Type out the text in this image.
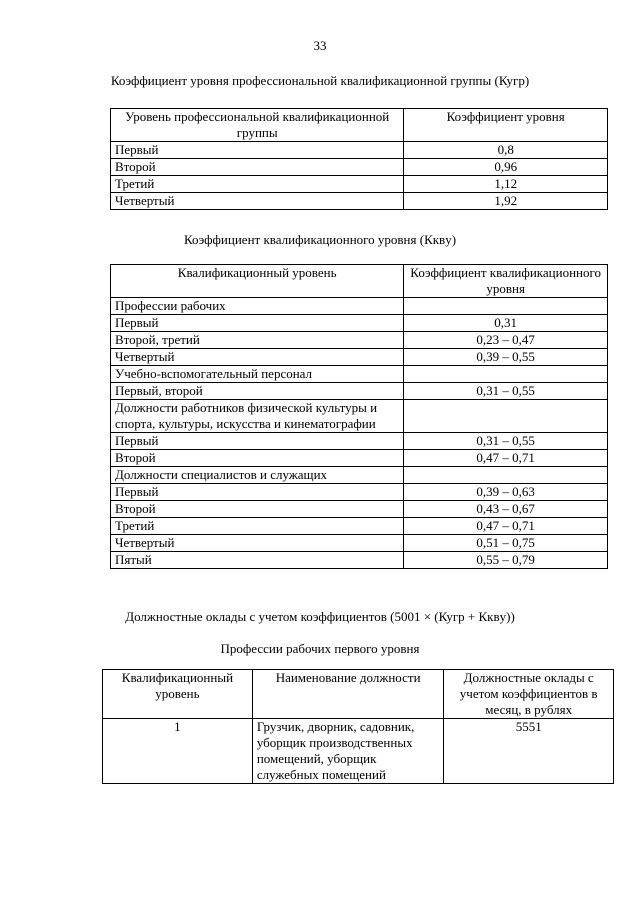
33
Коэффициент уровня профессиональной квалификационной группы (Кугр)
Уровень профессиональной квалификационной группы	Коэффициент уровня
Первый	0,8
Второй	0,96
Третий	1,12
Четвертый	1,92
Коэффициент квалификационного уровня (Кквy)
Квалификационный уровень	Коэффициент квалификационного уровня
Профессии рабочих	
Первый	0,31
Второй, третий	0,23 – 0,47
Четвертый	0,39 – 0,55
Учебно-вспомогательный персонал	
Первый, второй	0,31 – 0,55
Должности работников физической культуры и спорта, культуры, искусства и кинематографии	
Первый	0,31 – 0,55
Второй	0,47 – 0,71
Должности специалистов и служащих	
Первый	0,39 – 0,63
Второй	0,43 – 0,67
Третий	0,47 – 0,71
Четвертый	0,51 – 0,75
Пятый	0,55 – 0,79
Должностные оклады с учетом коэффициентов (5001 × (Кугр + Кквy))
Профессии рабочих первого уровня
Квалификационный уровень	Наименование должности	Должностные оклады с учетом коэффициентов в месяц, в рублях
1	Грузчик, дворник, садовник, уборщик производственных помещений, уборщик служебных помещений	5551
